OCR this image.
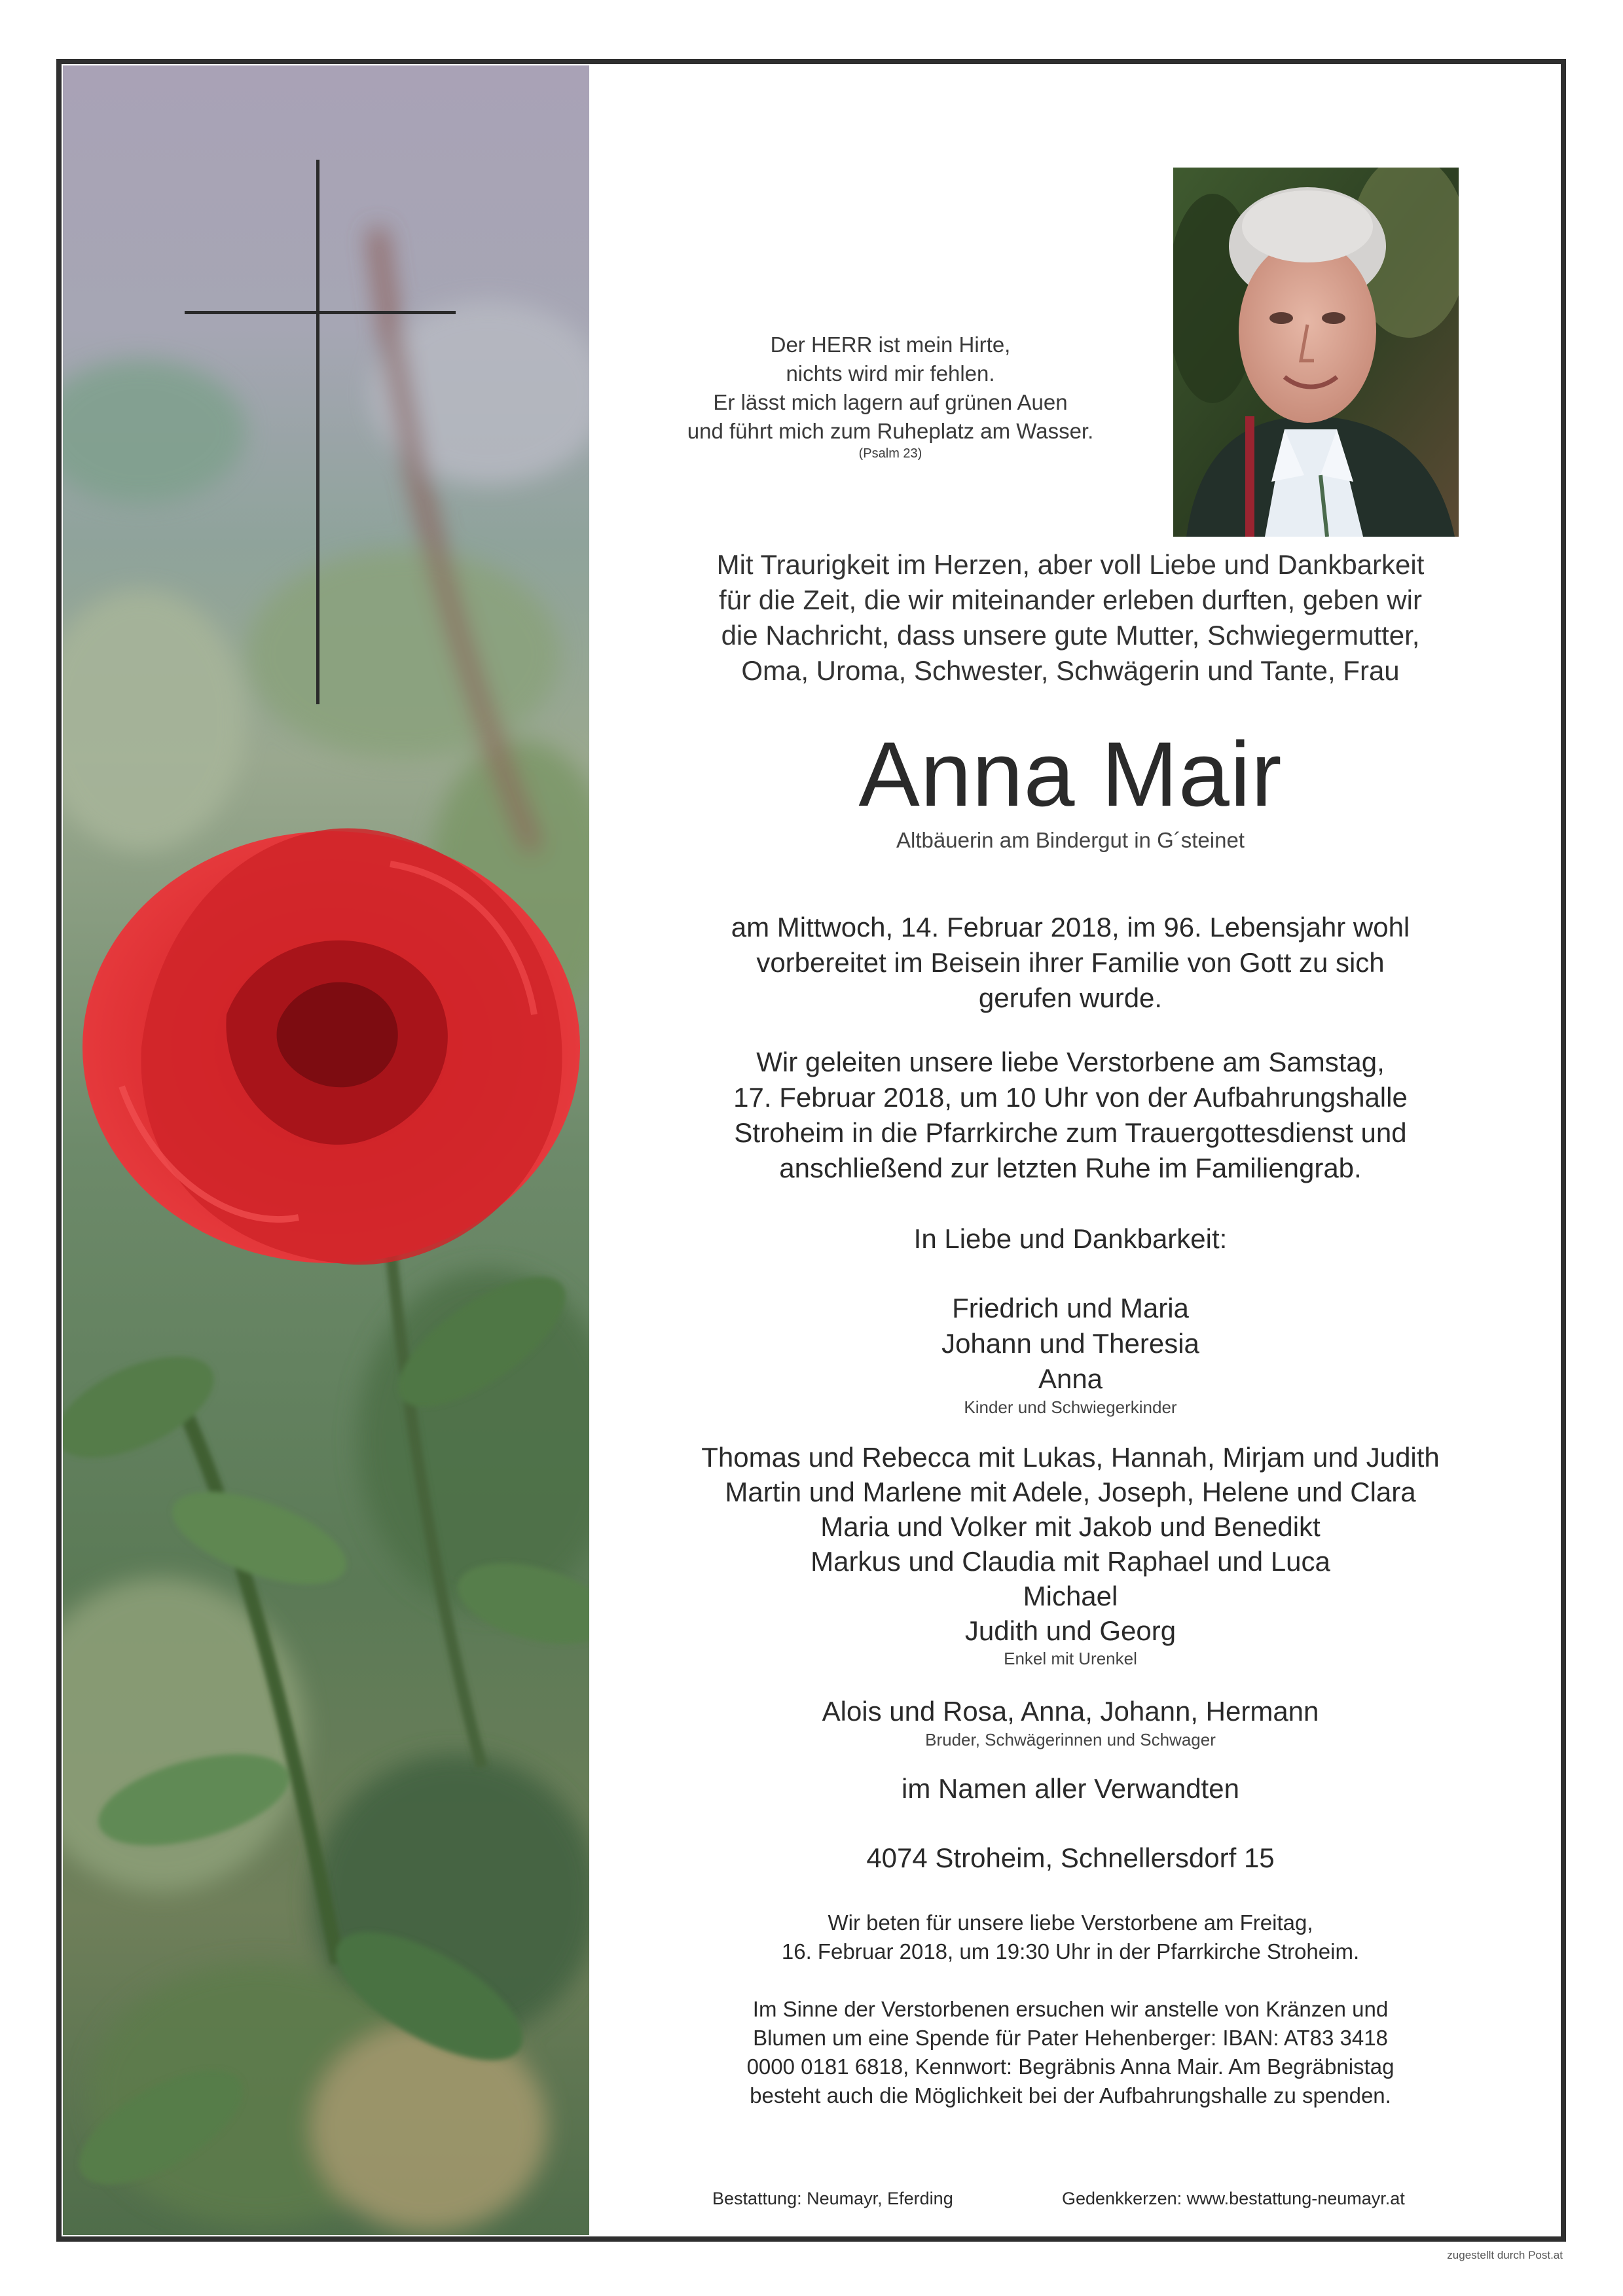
Der HERR ist mein Hirte,
nichts wird mir fehlen.
Er lässt mich lagern auf grünen Auen
und führt mich zum Ruheplatz am Wasser.
(Psalm 23)
Mit Traurigkeit im Herzen, aber voll Liebe und Dankbarkeit
für die Zeit, die wir miteinander erleben durften, geben wir
die Nachricht, dass unsere gute Mutter, Schwiegermutter,
Oma, Uroma, Schwester, Schwägerin und Tante, Frau
Anna Mair
Altbäuerin am Bindergut in G´steinet
am Mittwoch, 14. Februar 2018, im 96. Lebensjahr wohl
vorbereitet im Beisein ihrer Familie von Gott zu sich
gerufen wurde.
Wir geleiten unsere liebe Verstorbene am Samstag,
17. Februar 2018, um 10 Uhr von der Aufbahrungshalle
Stroheim in die Pfarrkirche zum Trauergottesdienst und
anschließend zur letzten Ruhe im Familiengrab.
In Liebe und Dankbarkeit:
Friedrich und Maria
Johann und Theresia
Anna
Kinder und Schwiegerkinder
Thomas und Rebecca mit Lukas, Hannah, Mirjam und Judith
Martin und Marlene mit Adele, Joseph, Helene und Clara
Maria und Volker mit Jakob und Benedikt
Markus und Claudia mit Raphael und Luca
Michael
Judith und Georg
Enkel mit Urenkel
Alois und Rosa, Anna, Johann, Hermann
Bruder, Schwägerinnen und Schwager
im Namen aller Verwandten
4074 Stroheim, Schnellersdorf 15
Wir beten für unsere liebe Verstorbene am Freitag,
16. Februar 2018, um 19:30 Uhr in der Pfarrkirche Stroheim.
Im Sinne der Verstorbenen ersuchen wir anstelle von Kränzen und
Blumen um eine Spende für Pater Hehenberger: IBAN: AT83 3418
0000 0181 6818, Kennwort: Begräbnis Anna Mair. Am Begräbnistag
besteht auch die Möglichkeit bei der Aufbahrungshalle zu spenden.
Bestattung: Neumayr, Eferding	Gedenkkerzen: www.bestattung-neumayr.at
zugestellt durch Post.at
